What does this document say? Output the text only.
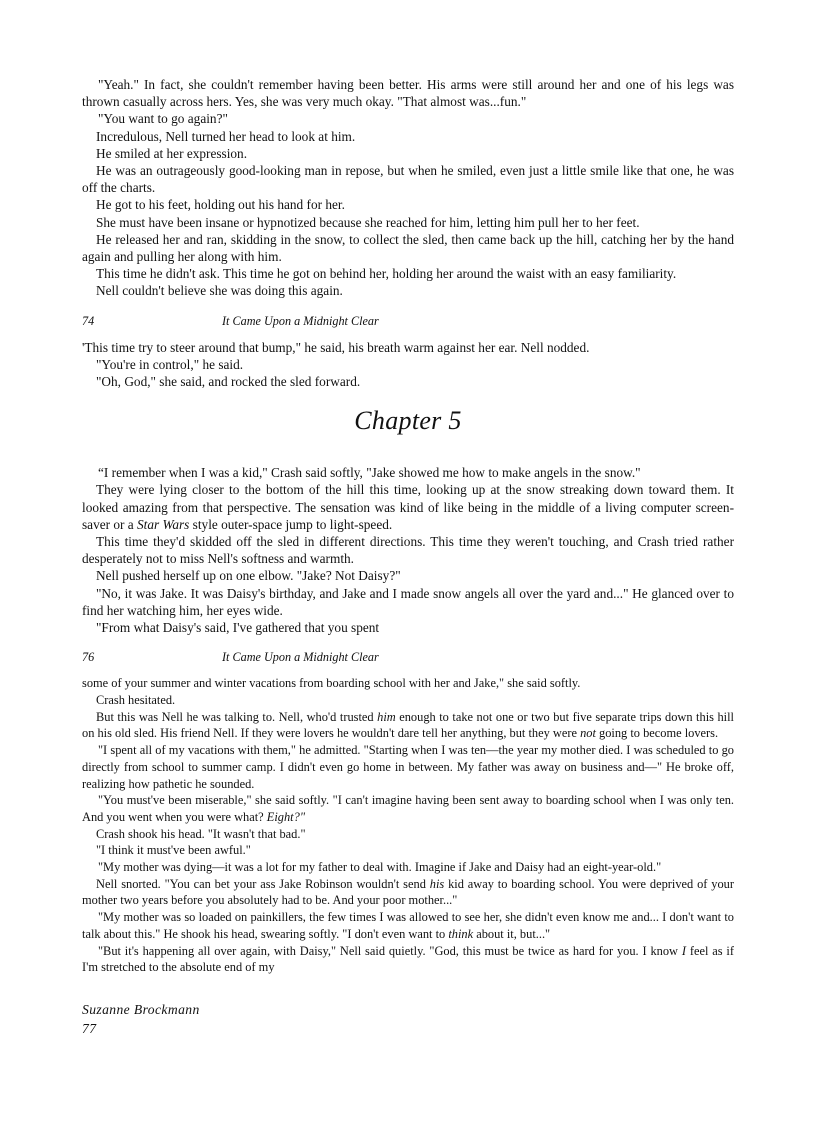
"Yeah." In fact, she couldn't remember having been better. His arms were still around her and one of his legs was thrown casually across hers. Yes, she was very much okay. "That almost was...fun."

"You want to go again?"

Incredulous, Nell turned her head to look at him.

He smiled at her expression.

He was an outrageously good-looking man in repose, but when he smiled, even just a little smile like that one, he was off the charts.

He got to his feet, holding out his hand for her.

She must have been insane or hypnotized because she reached for him, letting him pull her to her feet.

He released her and ran, skidding in the snow, to collect the sled, then came back up the hill, catching her by the hand again and pulling her along with him.

This time he didn't ask. This time he got on behind her, holding her around the waist with an easy familiarity.

Nell couldn't believe she was doing this again.

74	It Came Upon a Midnight Clear

'This time try to steer around that bump," he said, his breath warm against her ear. Nell nodded.

"You're in control," he said.

"Oh, God," she said, and rocked the sled forward.

Chapter 5

“I remember when I was a kid," Crash said softly, "Jake showed me how to make angels in the snow."

They were lying closer to the bottom of the hill this time, looking up at the snow streaking down toward them. It looked amazing from that perspective. The sensation was kind of like being in the middle of a living computer screen-saver or a Star Wars style outer-space jump to light-speed.

This time they'd skidded off the sled in different directions. This time they weren't touching, and Crash tried rather desperately not to miss Nell's softness and warmth.

Nell pushed herself up on one elbow. "Jake? Not Daisy?"

"No, it was Jake. It was Daisy's birthday, and Jake and I made snow angels all over the yard and..." He glanced over to find her watching him, her eyes wide.

"From what Daisy's said, I've gathered that you spent

76	It Came Upon a Midnight Clear

some of your summer and winter vacations from boarding school with her and Jake," she said softly.

Crash hesitated.

But this was Nell he was talking to. Nell, who'd trusted him enough to take not one or two but five separate trips down this hill on his old sled. His friend Nell. If they were lovers he wouldn't dare tell her anything, but they were not going to become lovers.

"I spent all of my vacations with them," he admitted. "Starting when I was ten—the year my mother died. I was scheduled to go directly from school to summer camp. I didn't even go home in between. My father was away on business and—" He broke off, realizing how pathetic he sounded.

"You must've been miserable," she said softly. "I can't imagine having been sent away to boarding school when I was only ten. And you went when you were what? Eight?"

Crash shook his head. "It wasn't that bad."

"I think it must've been awful."

"My mother was dying—it was a lot for my father to deal with. Imagine if Jake and Daisy had an eight-year-old."

Nell snorted. "You can bet your ass Jake Robinson wouldn't send his kid away to boarding school. You were deprived of your mother two years before you absolutely had to be. And your poor mother..."

"My mother was so loaded on painkillers, the few times I was allowed to see her, she didn't even know me and... I don't want to talk about this." He shook his head, swearing softly. "I don't even want to think about it, but..."

"But it's happening all over again, with Daisy," Nell said quietly. "God, this must be twice as hard for you. I know I feel as if I'm stretched to the absolute end of my

Suzanne Brockmann
77
